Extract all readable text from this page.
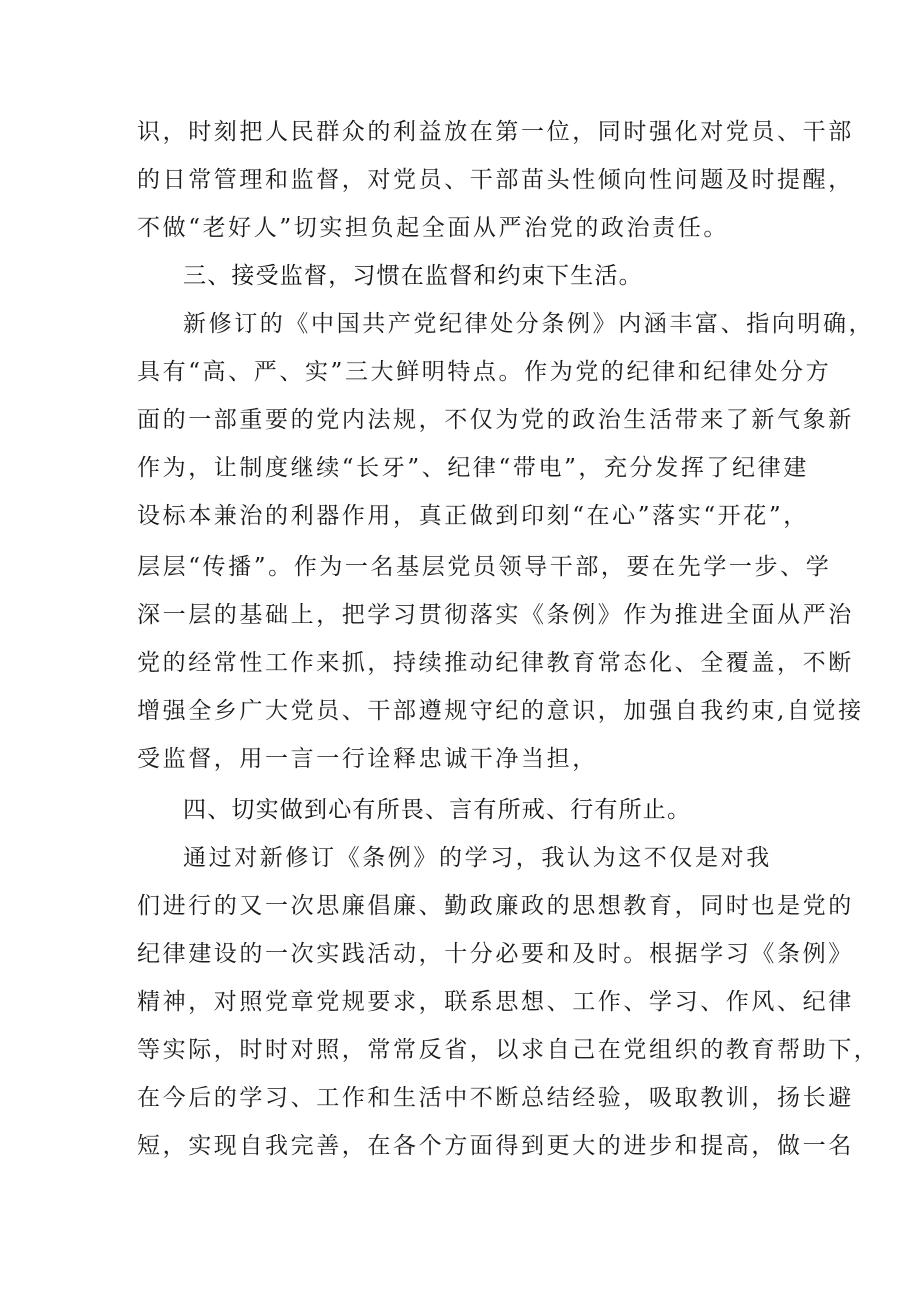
识，时刻把人民群众的利益放在第一位，同时强化对党员、干部
的日常管理和监督，对党员、干部苗头性倾向性问题及时提醒，
不做“老好人”切实担负起全面从严治党的政治责任。
三、接受监督，习惯在监督和约束下生活。
新修订的《中国共产党纪律处分条例》内涵丰富、指向明确，
具有“高、严、实”三大鲜明特点。作为党的纪律和纪律处分方
面的一部重要的党内法规，不仅为党的政治生活带来了新气象新
作为，让制度继续“长牙”、纪律“带电”，充分发挥了纪律建
设标本兼治的利器作用，真正做到印刻“在心”落实“开花”，
层层“传播”。作为一名基层党员领导干部，要在先学一步、学
深一层的基础上，把学习贯彻落实《条例》作为推进全面从严治
党的经常性工作来抓，持续推动纪律教育常态化、全覆盖，不断
增强全乡广大党员、干部遵规守纪的意识，加强自我约束,自觉接
受监督，用一言一行诠释忠诚干净当担，
四、切实做到心有所畏、言有所戒、行有所止。
通过对新修订《条例》的学习，我认为这不仅是对我
们进行的又一次思廉倡廉、勤政廉政的思想教育，同时也是党的
纪律建设的一次实践活动，十分必要和及时。根据学习《条例》
精神，对照党章党规要求，联系思想、工作、学习、作风、纪律
等实际，时时对照，常常反省，以求自己在党组织的教育帮助下，
在今后的学习、工作和生活中不断总结经验，吸取教训，扬长避
短，实现自我完善，在各个方面得到更大的进步和提高，做一名
